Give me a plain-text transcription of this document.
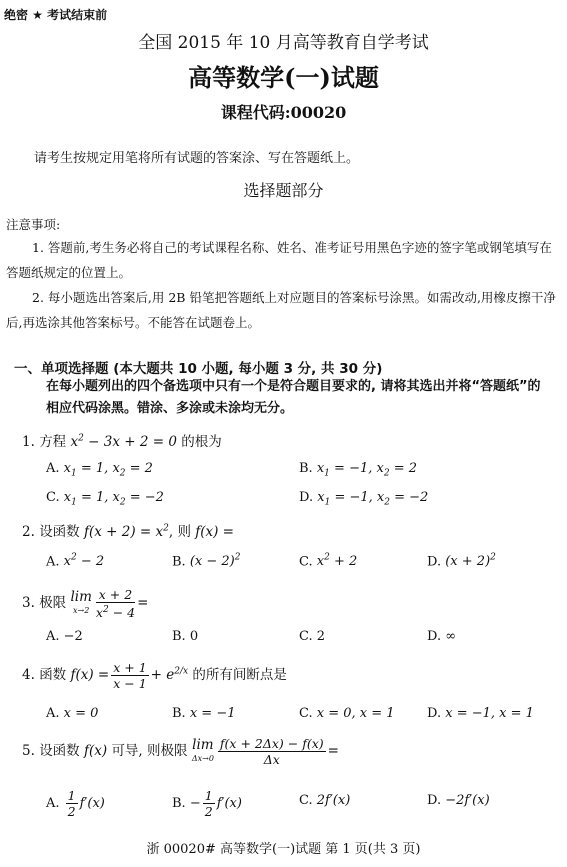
绝密 ★ 考试结束前
全国 2015 年 10 月高等教育自学考试
高等数学(一)试题
课程代码:00020
请考生按规定用笔将所有试题的答案涂、写在答题纸上。
选择题部分
注意事项:
1. 答题前,考生务必将自己的考试课程名称、姓名、准考证号用黑色字迹的签字笔或钢笔填写在答题纸规定的位置上。
2. 每小题选出答案后,用 2B 铅笔把答题纸上对应题目的答案标号涂黑。如需改动,用橡皮擦干净后,再选涂其他答案标号。不能答在试题卷上。
一、单项选择题 (本大题共 10 小题, 每小题 3 分, 共 30 分)
在每小题列出的四个备选项中只有一个是符合题目要求的, 请将其选出并将“答题纸”的相应代码涂黑。错涂、多涂或未涂均无分。
1. 方程 $x^2 - 3x + 2 = 0$ 的根为
A. $x_1 = 1$, $x_2 = 2$	B. $x_1 = -1$, $x_2 = 2$
C. $x_1 = 1$, $x_2 = -2$	D. $x_1 = -1$, $x_2 = -2$
2. 设函数 $f(x + 2) = x^2$, 则 f(x) =
A. $x^2 - 2$	B. $(x - 2)^2$	C. $x^2 + 2$	D. $(x + 2)^2$
3. 极限 lim
$x\to 2 \frac{x + 2}{x^2 - 4}$ =
A. −2	B. 0	C. 2	D. ∞
4. 函数 $f(x) = \frac{x + 1}{x - 1} + e^{2/x}$ 的所有间断点是
A. x = 0	B. x = −1	C. x = 0, x = 1 D. x = −1, x = 1
5. 设函数 f(x) 可导, 则极限 lim
$\Delta x\to 0 \frac{f(x + 2\Delta x) - f(x)}{\Delta x}$ =
A. $\frac{1}{2} f'(x)$	B. − $\frac{1}{2} f'(x)$	C. 2f′(x)	D. −2f′(x)
浙 00020# 高等数学(一)试题 第 1 页(共 3 页)
